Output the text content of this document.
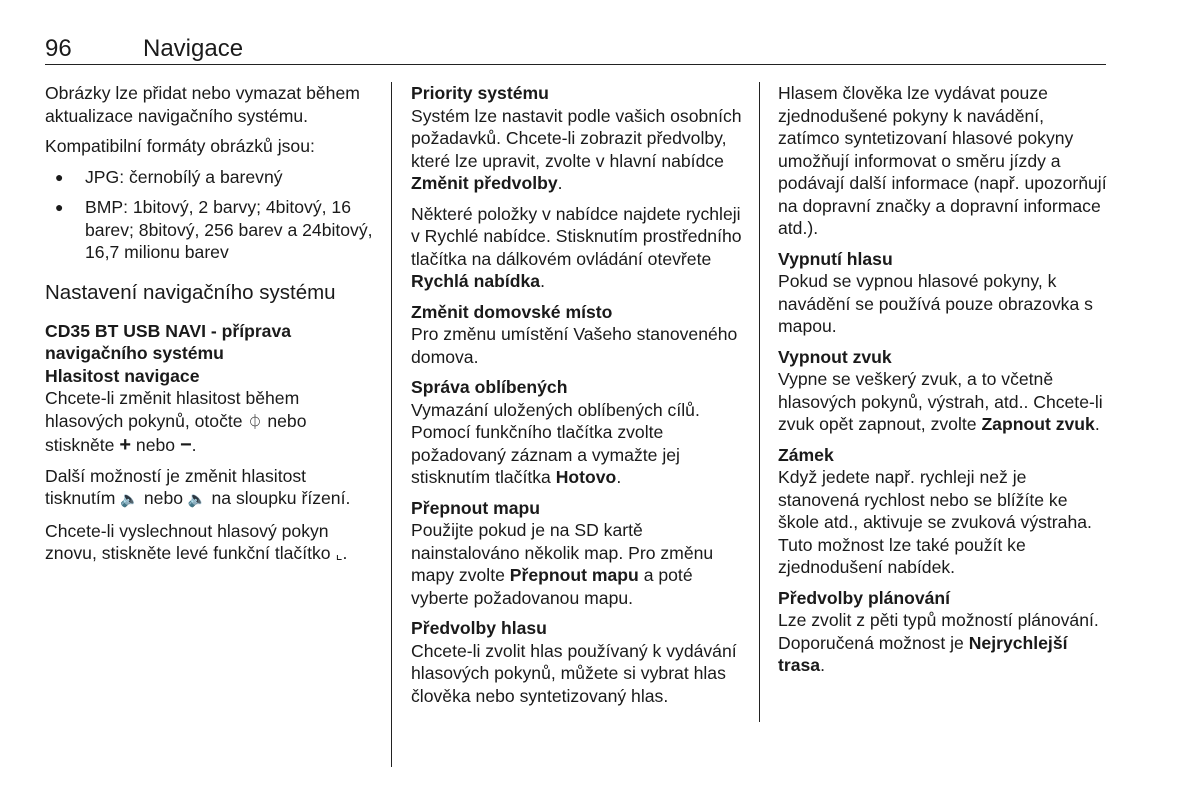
96	Navigace

Obrázky lze přidat nebo vymazat během aktualizace navigačního systému.

Kompatibilní formáty obrázků jsou:

● JPG: černobílý a barevný
● BMP: 1bitový, 2 barvy; 4bitový, 16 barev; 8bitový, 256 barev a 24bitový, 16,7 milionu barev
Nastavení navigačního systému
CD35 BT USB NAVI - příprava navigačního systému
Hlasitost navigace

Chcete-li změnit hlasitost během hlasových pokynů, otočte ⏀ nebo stiskněte + nebo −.

Další možností je změnit hlasitost tisknutím 🔈 nebo 🔈 na sloupku řízení.

Chcete-li vyslechnout hlasový pokyn znovu, stiskněte levé funkční tlačítko ⌞.

Priority systému

Systém lze nastavit podle vašich osobních požadavků. Chcete-li zobrazit předvolby, které lze upravit, zvolte v hlavní nabídce Změnit předvolby.

Některé položky v nabídce najdete rychleji v Rychlé nabídce. Stisknutím prostředního tlačítka na dálkovém ovládání otevřete Rychlá nabídka.

Změnit domovské místo

Pro změnu umístění Vašeho stanoveného domova.

Správa oblíbených

Vymazání uložených oblíbených cílů. Pomocí funkčního tlačítka zvolte požadovaný záznam a vymažte jej stisknutím tlačítka Hotovo.

Přepnout mapu

Použijte pokud je na SD kartě nainstalováno několik map. Pro změnu mapy zvolte Přepnout mapu a poté vyberte požadovanou mapu.

Předvolby hlasu

Chcete-li zvolit hlas používaný k vydávání hlasových pokynů, můžete si vybrat hlas člověka nebo syntetizovaný hlas.

Hlasem člověka lze vydávat pouze zjednodušené pokyny k navádění, zatímco syntetizovaní hlasové pokyny umožňují informovat o směru jízdy a podávají další informace (např. upozorňují na dopravní značky a dopravní informace atd.).

Vypnutí hlasu

Pokud se vypnou hlasové pokyny, k navádění se používá pouze obrazovka s mapou.

Vypnout zvuk

Vypne se veškerý zvuk, a to včetně hlasových pokynů, výstrah, atd.. Chcete-li zvuk opět zapnout, zvolte Zapnout zvuk.

Zámek

Když jedete např. rychleji než je stanovená rychlost nebo se blížíte ke škole atd., aktivuje se zvuková výstraha. Tuto možnost lze také použít ke zjednodušení nabídek.

Předvolby plánování

Lze zvolit z pěti typů možností plánování. Doporučená možnost je Nejrychlejší trasa.
